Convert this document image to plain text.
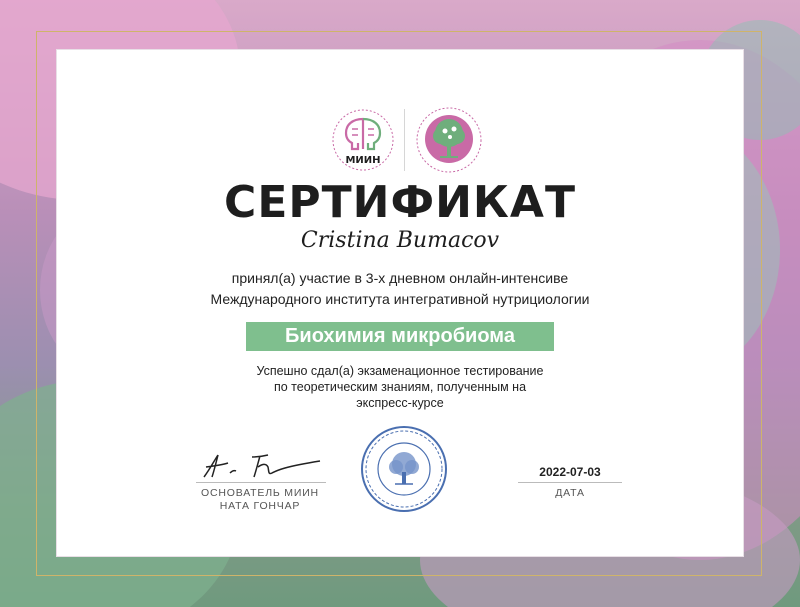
МИИН
СЕРТИФИКАТ
Cristina Bumacov
принял(а) участие в 3-х дневном онлайн-интенсиве
Международного института интегративной нутрициологии
Биохимия микробиома
Успешно сдал(а) экзаменационное тестирование
по теоретическим знаниям, полученным на
экспресс-курсе
ОСНОВАТЕЛЬ МИИН
НАТА ГОНЧАР
2022-07-03
ДАТА
